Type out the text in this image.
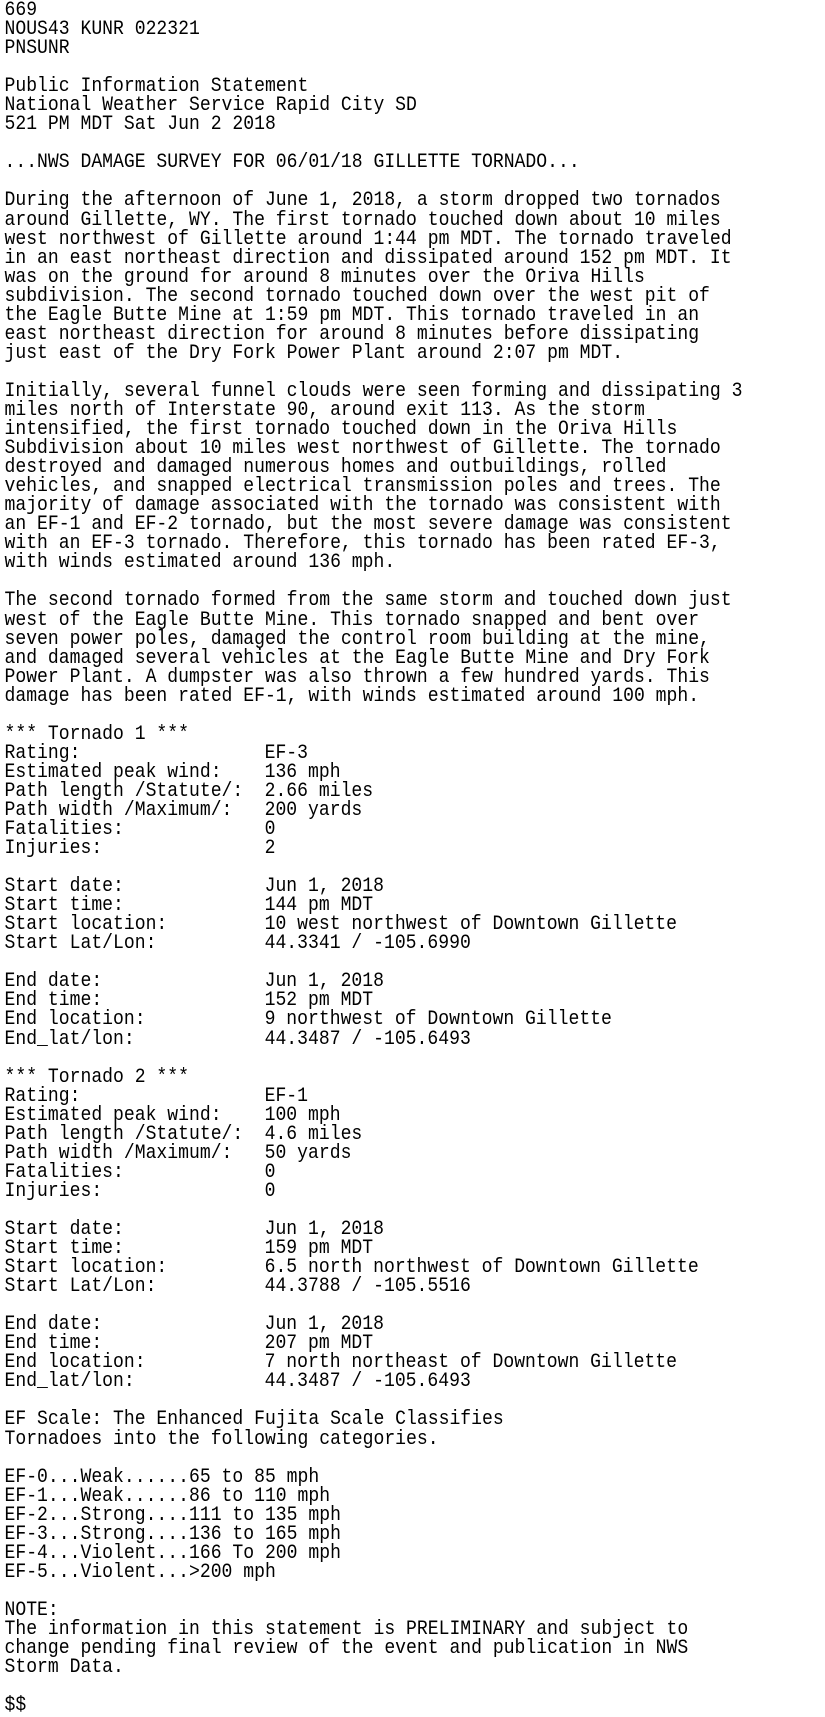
669
NOUS43 KUNR 022321
PNSUNR
Public Information Statement
National Weather Service Rapid City SD
521 PM MDT Sat Jun 2 2018
...NWS DAMAGE SURVEY FOR 06/01/18 GILLETTE TORNADO...
During the afternoon of June 1, 2018, a storm dropped two tornados
around Gillette, WY. The first tornado touched down about 10 miles
west northwest of Gillette around 1:44 pm MDT. The tornado traveled
in an east northeast direction and dissipated around 152 pm MDT. It
was on the ground for around 8 minutes over the Oriva Hills
subdivision. The second tornado touched down over the west pit of
the Eagle Butte Mine at 1:59 pm MDT. This tornado traveled in an
east northeast direction for around 8 minutes before dissipating
just east of the Dry Fork Power Plant around 2:07 pm MDT.
Initially, several funnel clouds were seen forming and dissipating 3
miles north of Interstate 90, around exit 113. As the storm
intensified, the first tornado touched down in the Oriva Hills
Subdivision about 10 miles west northwest of Gillette. The tornado
destroyed and damaged numerous homes and outbuildings, rolled
vehicles, and snapped electrical transmission poles and trees. The
majority of damage associated with the tornado was consistent with
an EF-1 and EF-2 tornado, but the most severe damage was consistent
with an EF-3 tornado. Therefore, this tornado has been rated EF-3,
with winds estimated around 136 mph.
The second tornado formed from the same storm and touched down just
west of the Eagle Butte Mine. This tornado snapped and bent over
seven power poles, damaged the control room building at the mine,
and damaged several vehicles at the Eagle Butte Mine and Dry Fork
Power Plant. A dumpster was also thrown a few hundred yards. This
damage has been rated EF-1, with winds estimated around 100 mph.
*** Tornado 1 ***
Rating:	EF-3
Estimated peak wind: 136 mph
Path length /Statute/: 2.66 miles
Path width /Maximum/: 200 yards
Fatalities:	0
Injuries:	2
Start date:	Jun 1, 2018
Start time:	144 pm MDT
Start location:	10 west northwest of Downtown Gillette
Start Lat/Lon:	44.3341 / -105.6990
End date:	Jun 1, 2018
End time:	152 pm MDT
End location:	9 northwest of Downtown Gillette
End_lat/lon:	44.3487 / -105.6493
*** Tornado 2 ***
Rating:	EF-1
Estimated peak wind: 100 mph
Path length /Statute/: 4.6 miles
Path width /Maximum/: 50 yards
Fatalities:	0
Injuries:	0
Start date:	Jun 1, 2018
Start time:	159 pm MDT
Start location:	6.5 north northwest of Downtown Gillette
Start Lat/Lon:	44.3788 / -105.5516
End date:	Jun 1, 2018
End time:	207 pm MDT
End location:	7 north northeast of Downtown Gillette
End_lat/lon:	44.3487 / -105.6493
EF Scale: The Enhanced Fujita Scale Classifies
Tornadoes into the following categories.
EF-0...Weak......65 to 85 mph
EF-1...Weak......86 to 110 mph
EF-2...Strong....111 to 135 mph
EF-3...Strong....136 to 165 mph
EF-4...Violent...166 To 200 mph
EF-5...Violent...>200 mph
NOTE:
The information in this statement is PRELIMINARY and subject to
change pending final review of the event and publication in NWS
Storm Data.
$$
